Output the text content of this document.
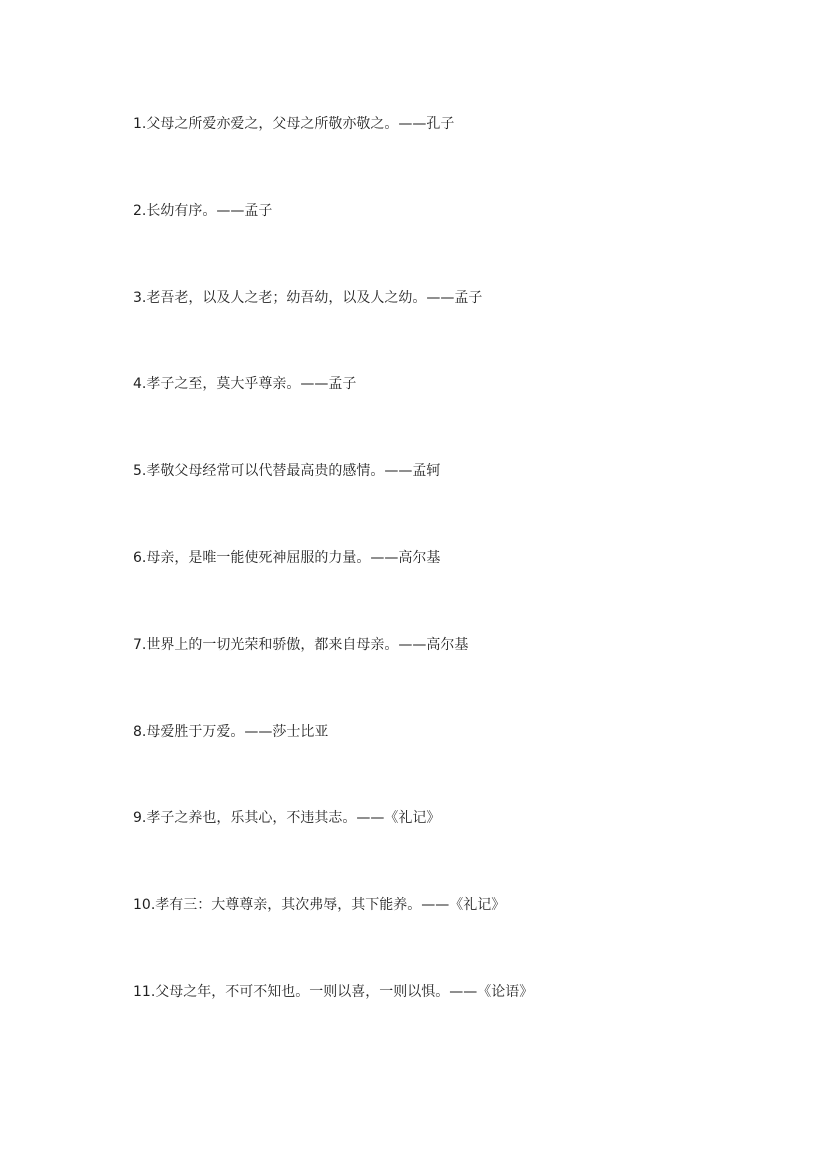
1.父母之所爱亦爱之，父母之所敬亦敬之。——孔子
2.长幼有序。——孟子
3.老吾老，以及人之老；幼吾幼，以及人之幼。——孟子
4.孝子之至，莫大乎尊亲。——孟子
5.孝敬父母经常可以代替最高贵的感情。——孟轲
6.母亲，是唯一能使死神屈服的力量。——高尔基
7.世界上的一切光荣和骄傲，都来自母亲。——高尔基
8.母爱胜于万爱。——莎士比亚
9.孝子之养也，乐其心，不违其志。——《礼记》
10.孝有三：大尊尊亲，其次弗辱，其下能养。——《礼记》
11.父母之年，不可不知也。一则以喜，一则以惧。——《论语》
